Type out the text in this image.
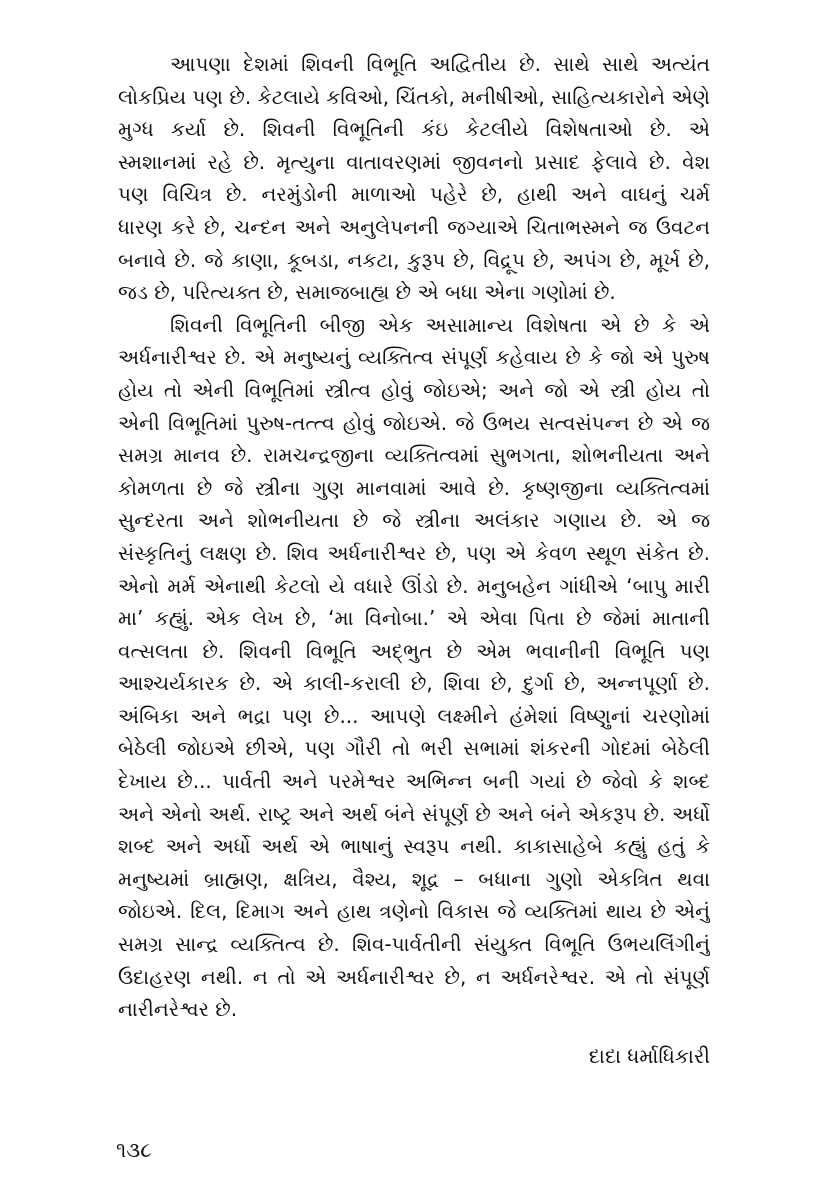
આપણા દેશમાં શિવની વિભૂતિ અદ્વિતીય છે. સાથે સાથે અત્યંત
લોકપ્રિય પણ છે. કેટલાયે કવિઓ, ચિંતકો, મનીષીઓ, સાહિત્યકારોને એણે
મુગ્ધ કર્યા છે. શિવની વિભૂતિની કંઇ કેટલીયે વિશેષતાઓ છે. એ
સ્મશાનમાં રહે છે. મૃત્યુના વાતાવરણમાં જીવનનો પ્રસાદ ફેલાવે છે. વેશ
પણ વિચિત્ર છે. નરમુંડોની માળાઓ પહેરે છે, હાથી અને વાઘનું ચર્મ
ધારણ કરે છે, ચન્દન અને અનુલેપનની જગ્યાએ ચિતાભસ્મને જ ઉવટન
બનાવે છે. જે કાણા, કૂબડા, નકટા, કુરૂપ છે, વિદ્રૂપ છે, અપંગ છે, મૂર્ખ છે,
જડ છે, પરિત્યક્ત છે, સમાજબાહ્ય છે એ બધા એના ગણોમાં છે.
શિવની વિભૂતિની બીજી એક અસામાન્ય વિશેષતા એ છે કે એ
અર્ધનારીશ્વર છે. એ મનુષ્યનું વ્યક્તિત્વ સંપૂર્ણ કહેવાય છે કે જો એ પુરુષ
હોય તો એની વિભૂતિમાં સ્ત્રીત્વ હોવું જોઇએ; અને જો એ સ્ત્રી હોય તો
એની વિભૂતિમાં પુરુષ-તત્ત્વ હોવું જોઇએ. જે ઉભય સત્વસંપન્ન છે એ જ
સમગ્ર માનવ છે. રામચન્દ્રજીના વ્યક્તિત્વમાં સુભગતા, શોભનીયતા અને
કોમળતા છે જે સ્ત્રીના ગુણ માનવામાં આવે છે. કૃષ્ણજીના વ્યક્તિત્વમાં
સુન્દરતા અને શોભનીયતા છે જે સ્ત્રીના અલંકાર ગણાય છે. એ જ
સંસ્કૃતિનું લક્ષણ છે. શિવ અર્ધનારીશ્વર છે, પણ એ કેવળ સ્થૂળ સંકેત છે.
એનો મર્મ એનાથી કેટલો યે વધારે ઊંડો છે. મનુબહેન ગાંધીએ ‘બાપુ મારી
મા’ કહ્યું. એક લેખ છે, ‘મા વિનોબા.’ એ એવા પિતા છે જેમાં માતાની
વત્સલતા છે. શિવની વિભૂતિ અદ્ભુત છે એમ ભવાનીની વિભૂતિ પણ
આશ્ચર્યકારક છે. એ કાલી-કરાલી છે, શિવા છે, દુર્ગા છે, અન્નપૂર્ણા છે.
અંબિકા અને ભદ્રા પણ છે... આપણે લક્ષ્મીને હંમેશાં વિષ્ણુનાં ચરણોમાં
બેઠેલી જોઇએ છીએ, પણ ગૌરી તો ભરી સભામાં શંકરની ગોદમાં બેઠેલી
દેખાય છે... પાર્વતી અને પરમેશ્વર અભિન્ન બની ગયાં છે જેવો કે શબ્દ
અને એનો અર્થ. રાષ્ટ્ર અને અર્થ બંને સંપૂર્ણ છે અને બંને એકરૂપ છે. અર્ધો
શબ્દ અને અર્ધો અર્થ એ ભાષાનું સ્વરૂપ નથી. કાકાસાહેબે કહ્યું હતું કે
મનુષ્યમાં બ્રાહ્મણ, ક્ષત્રિય, વૈશ્ય, શૂદ્ર – બધાના ગુણો એકત્રિત થવા
જોઇએ. દિલ, દિમાગ અને હાથ ત્રણેનો વિકાસ જે વ્યક્તિમાં થાય છે એનું
સમગ્ર સાન્દ્ર વ્યક્તિત્વ છે. શિવ-પાર્વતીની સંયુક્ત વિભૂતિ ઉભયલિંગીનું
ઉદાહરણ નથી. ન તો એ અર્ધનારીશ્વર છે, ન અર્ધનરેશ્વર. એ તો સંપૂર્ણ
નારીનરેશ્વર છે.
દાદા ધર્માધિકારી
૧૩૮
